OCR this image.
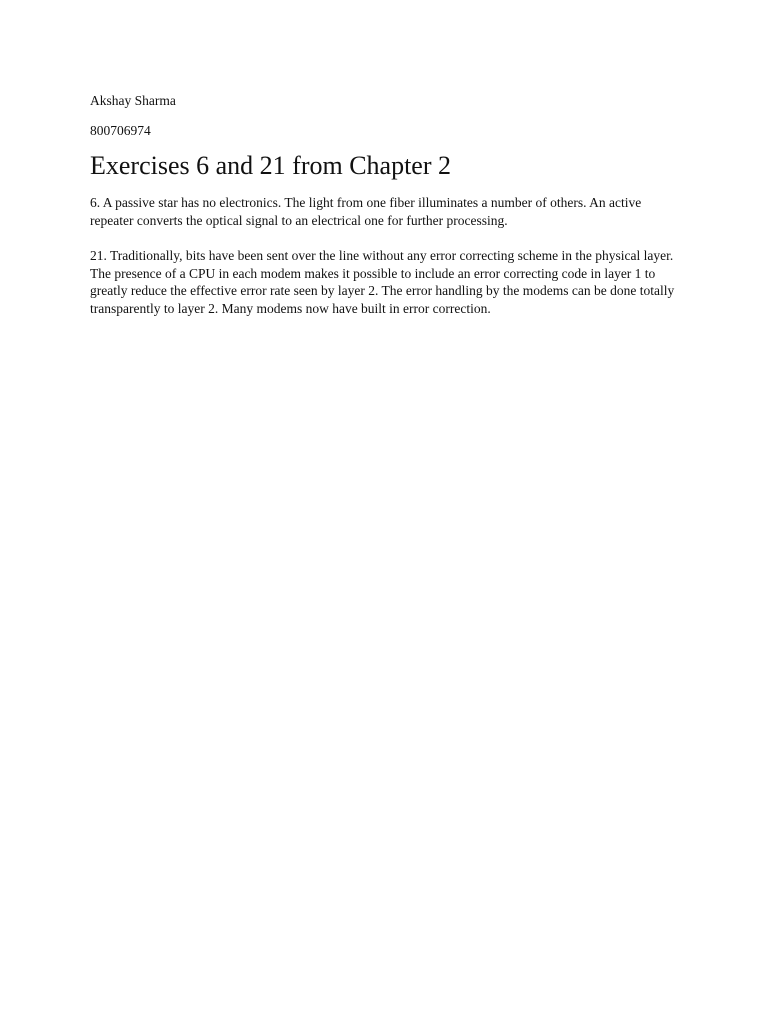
Akshay Sharma

800706974

Exercises 6 and 21 from Chapter 2

6. A passive star has no electronics. The light from one fiber illuminates a number of others. An active repeater converts the optical signal to an electrical one for further processing.

21. Traditionally, bits have been sent over the line without any error correcting scheme in the physical layer. The presence of a CPU in each modem makes it possible to include an error correcting code in layer 1 to greatly reduce the effective error rate seen by layer 2. The error handling by the modems can be done totally transparently to layer 2. Many modems now have built in error correction.
